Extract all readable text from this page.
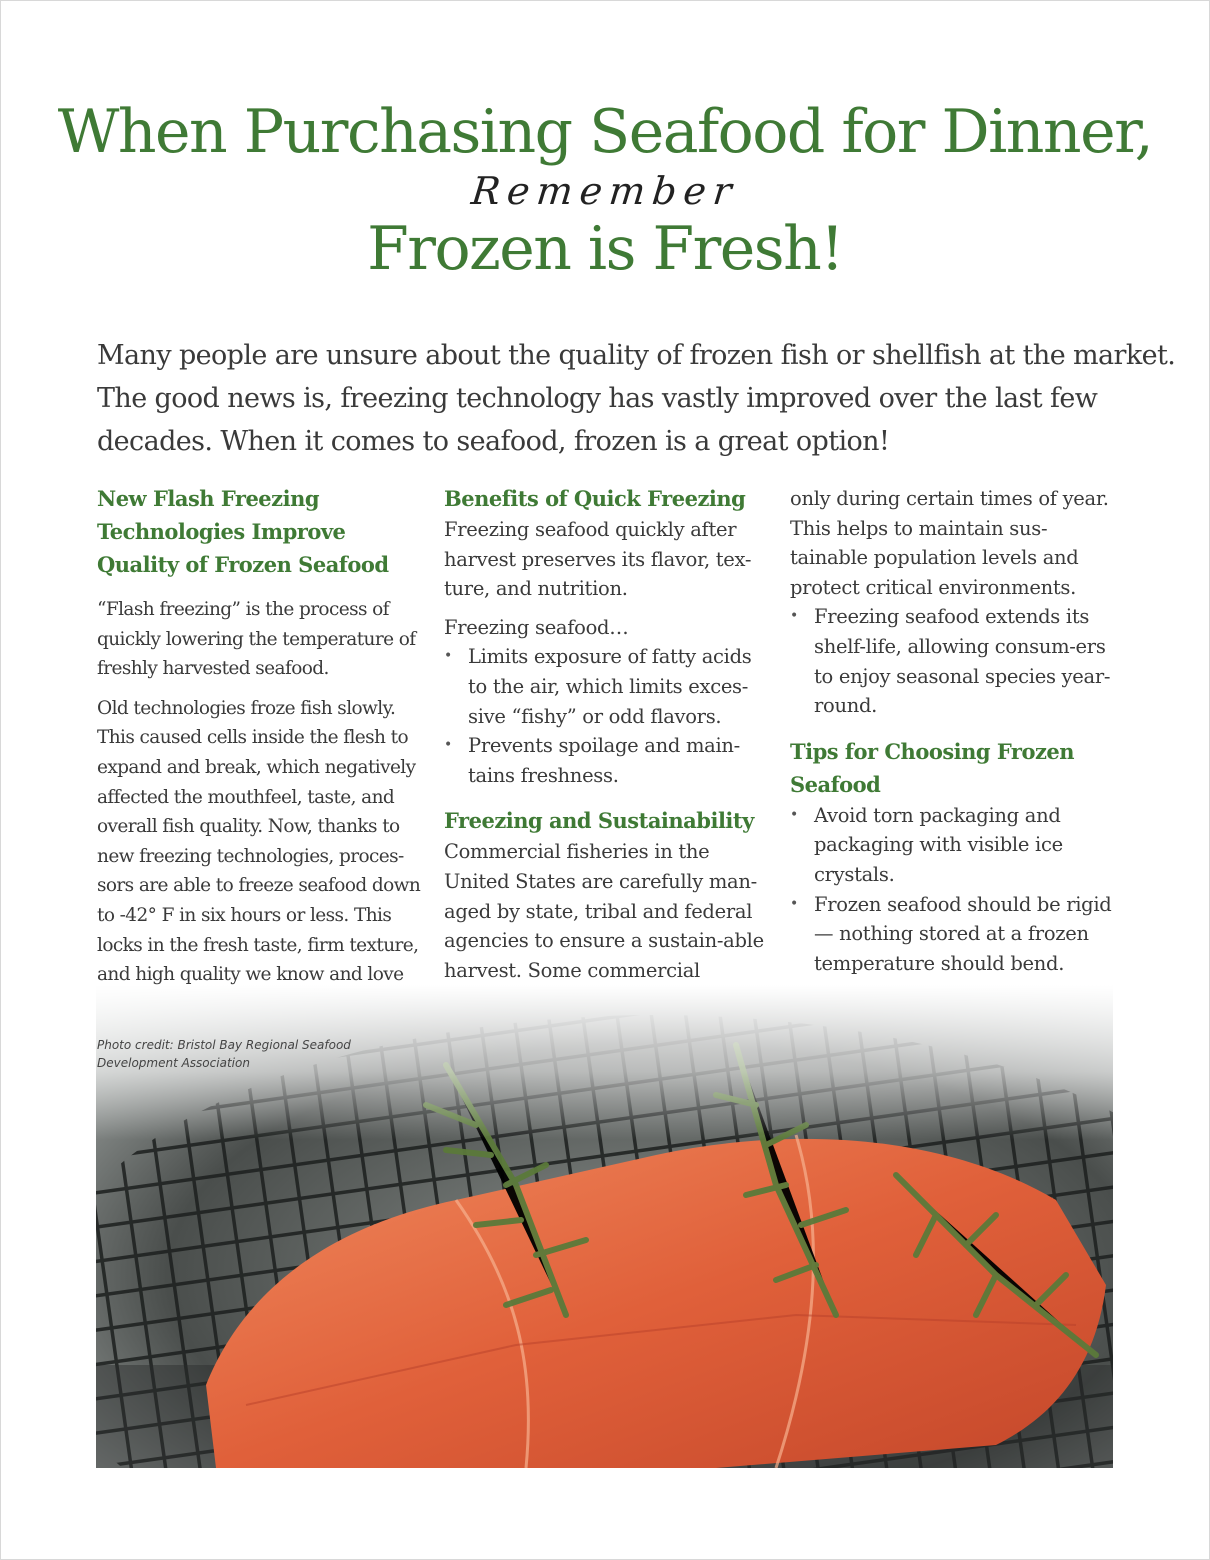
When Purchasing Seafood for Dinner,
Remember
Frozen is Fresh!

Many people are unsure about the quality of frozen fish or shellfish at the market.

The good news is, freezing technology has vastly improved over the last few

decades. When it comes to seafood, frozen is a great option!

New Flash Freezing Technologies Improve Quality of Frozen Seafood

“Flash freezing” is the process of quickly lowering the temperature of freshly harvested seafood.

Old technologies froze fish slowly. This caused cells inside the flesh to expand and break, which negatively affected the mouthfeel, taste, and overall fish quality. Now, thanks to new freezing technologies, proces-sors are able to freeze seafood down to -42° F in six hours or less. This locks in the fresh taste, firm texture, and high quality we know and love

Benefits of Quick Freezing

Freezing seafood quickly after harvest preserves its flavor, tex-ture, and nutrition.

Freezing seafood…

• Limits exposure of fatty acids to the air, which limits exces-sive “fishy” or odd flavors.
• Prevents spoilage and main-tains freshness.
Freezing and Sustainability

Commercial fisheries in the United States are carefully man-aged by state, tribal and federal agencies to ensure a sustain-able harvest. Some commercial

only during certain times of year. This helps to maintain sus-tainable population levels and protect critical environments.

• Freezing seafood extends its shelf-life, allowing consum-ers to enjoy seasonal species year-round.
Tips for Choosing Frozen Seafood
• Avoid torn packaging and packaging with visible ice crystals.
• Frozen seafood should be rigid — nothing stored at a frozen temperature should bend.
Photo credit: Bristol Bay Regional Seafood
Development Association
